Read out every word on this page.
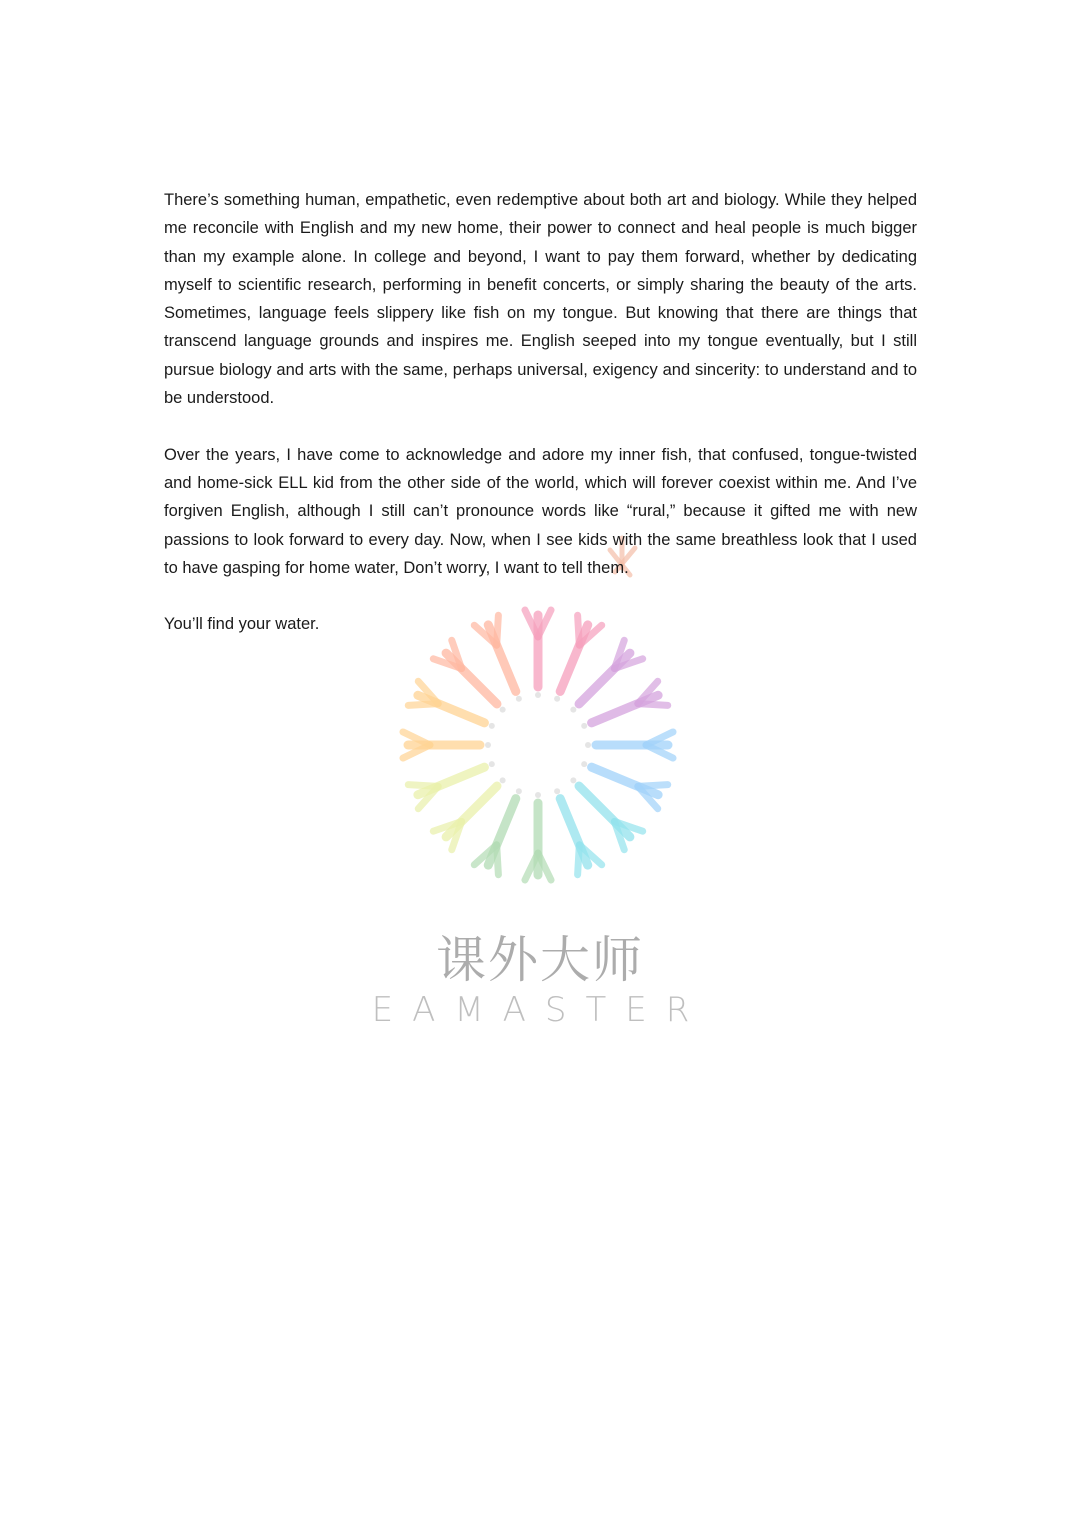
课外大师
EAMASTER

There’s something human, empathetic, even redemptive about both art and biology. While they helped me reconcile with English and my new home, their power to connect and heal people is much bigger than my example alone. In college and beyond, I want to pay them forward, whether by dedicating myself to scientific research, performing in benefit concerts, or simply sharing the beauty of the arts. Sometimes, language feels slippery like fish on my tongue. But knowing that there are things that transcend language grounds and inspires me. English seeped into my tongue eventually, but I still pursue biology and arts with the same, perhaps universal, exigency and sincerity: to understand and to be understood.

Over the years, I have come to acknowledge and adore my inner fish, that confused, tongue-twisted and home-sick ELL kid from the other side of the world, which will forever coexist within me. And I’ve forgiven English, although I still can’t pronounce words like “rural,” because it gifted me with new passions to look forward to every day. Now, when I see kids with the same breathless look that I used to have gasping for home water, Don’t worry, I want to tell them.

You’ll find your water.
